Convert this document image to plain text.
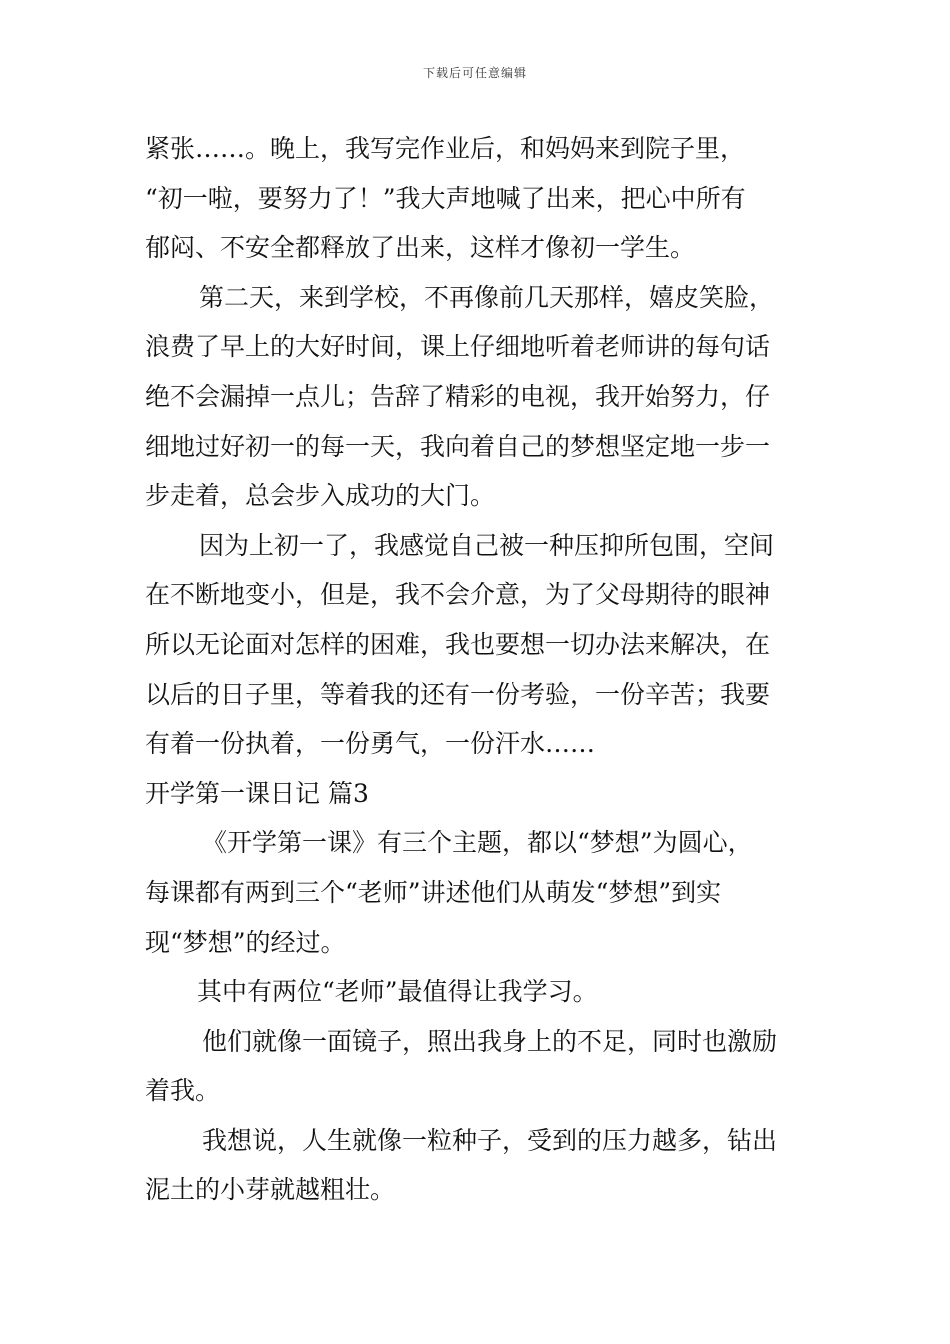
下载后可任意编辑
紧张……。晚上，我写完作业后，和妈妈来到院子里，
“初一啦，要努力了！”我大声地喊了出来，把心中所有
郁闷、不安全都释放了出来，这样才像初一学生。
第二天，来到学校，不再像前几天那样，嬉皮笑脸，
浪费了早上的大好时间，课上仔细地听着老师讲的每句话
绝不会漏掉一点儿；告辞了精彩的电视，我开始努力，仔
细地过好初一的每一天，我向着自己的梦想坚定地一步一
步走着，总会步入成功的大门。
因为上初一了，我感觉自己被一种压抑所包围，空间
在不断地变小，但是，我不会介意，为了父母期待的眼神
所以无论面对怎样的困难，我也要想一切办法来解决，在
以后的日子里，等着我的还有一份考验，一份辛苦；我要
有着一份执着，一份勇气，一份汗水……
开学第一课日记 篇3
《开学第一课》有三个主题，都以“梦想”为圆心，
每课都有两到三个“老师”讲述他们从萌发“梦想”到实
现“梦想”的经过。
其中有两位“老师”最值得让我学习。
他们就像一面镜子，照出我身上的不足，同时也激励
着我。
我想说，人生就像一粒种子，受到的压力越多，钻出
泥土的小芽就越粗壮。
